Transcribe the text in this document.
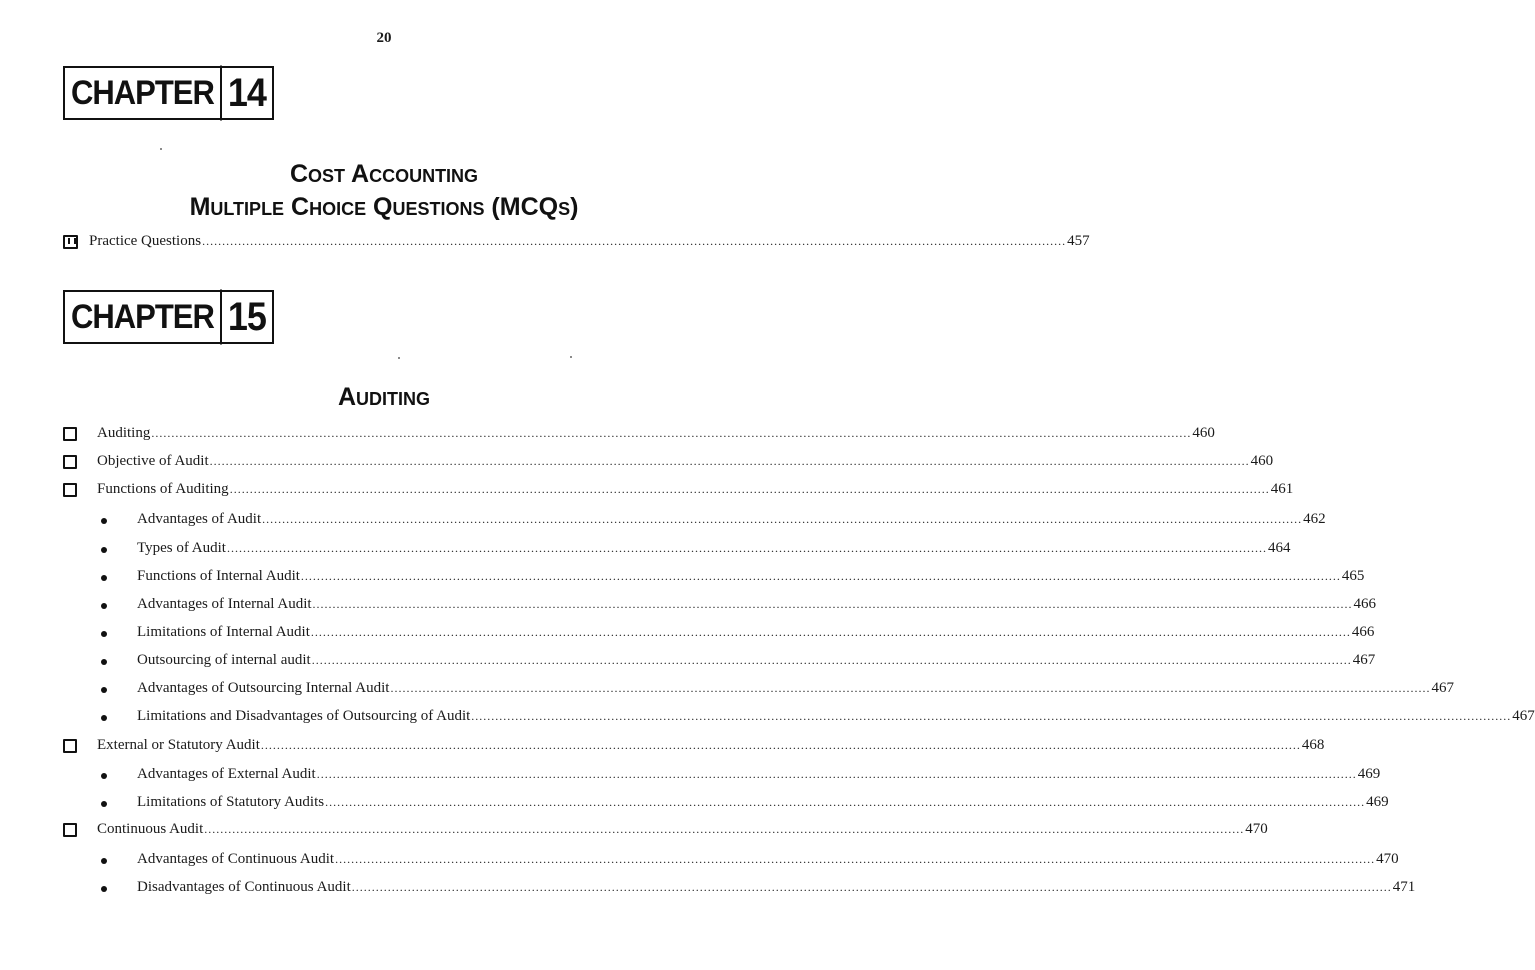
20
CHAPTER 14
Cost Accounting
Multiple Choice Questions (MCQs)
Practice Questions ........................................................................................................................................................................................................................ 457
CHAPTER 15
Auditing
Auditing .................................................................................................................................................................................................................................................................... 460
Objective of Audit .................................................................................................................................................................................................................................................................... 460
Functions of Auditing .................................................................................................................................................................................................................................................................... 461
Advantages of Audit .................................................................................................................................................................................................................................................................... 462
Types of Audit .................................................................................................................................................................................................................................................................... 464
Functions of Internal Audit .................................................................................................................................................................................................................................................................... 465
Advantages of Internal Audit .................................................................................................................................................................................................................................................................... 466
Limitations of Internal Audit .................................................................................................................................................................................................................................................................... 466
Outsourcing of internal audit .................................................................................................................................................................................................................................................................... 467
Advantages of Outsourcing Internal Audit .................................................................................................................................................................................................................................................................... 467
Limitations and Disadvantages of Outsourcing of Audit .................................................................................................................................................................................................................................................................... 467
External or Statutory Audit .................................................................................................................................................................................................................................................................... 468
Advantages of External Audit .................................................................................................................................................................................................................................................................... 469
Limitations of Statutory Audits .................................................................................................................................................................................................................................................................... 469
Continuous Audit .................................................................................................................................................................................................................................................................... 470
Advantages of Continuous Audit .................................................................................................................................................................................................................................................................... 470
Disadvantages of Continuous Audit .................................................................................................................................................................................................................................................................... 471
